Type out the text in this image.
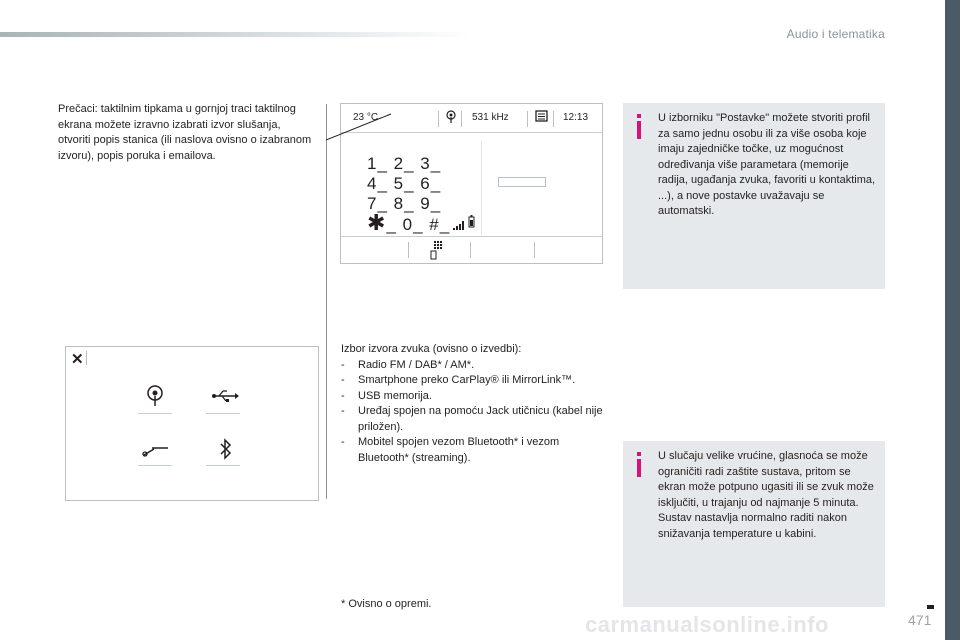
Audio i telematika
Prečaci: taktilnim tipkama u gornjoj traci taktilnog ekrana možete izravno izabrati izvor slušanja, otvoriti popis stanica (ili naslova ovisno o izabranom izvoru), popis poruka i emailova.
23 °C	531 kHz	12:13
1_ 2_ 3_
4_ 5_ 6_
7_ 8_ 9_
✱_ 0_ #_
✕
Izbor izvora zvuka (ovisno o izvedbi):
- Radio FM / DAB* / AM*.
- Smartphone preko CarPlay® ili MirrorLink™.
- USB memorija.
- Uređaj spojen na pomoću Jack utičnicu (kabel nije priložen).
- Mobitel spojen vezom Bluetooth* i vezom Bluetooth* (streaming).
* Ovisno o opremi.
U izborniku "Postavke" možete stvoriti profil za samo jednu osobu ili za više osoba koje imaju zajedničke točke, uz mogućnost određivanja više parametara (memorije radija, ugađanja zvuka, favoriti u kontaktima, ...), a nove postavke uvažavaju se automatski.
U slučaju velike vrućine, glasnoća se može ograničiti radi zaštite sustava, pritom se ekran može potpuno ugasiti ili se zvuk može isključiti, u trajanju od najmanje 5 minuta.
Sustav nastavlja normalno raditi nakon snižavanja temperature u kabini.
471
carmanualsonline.info
